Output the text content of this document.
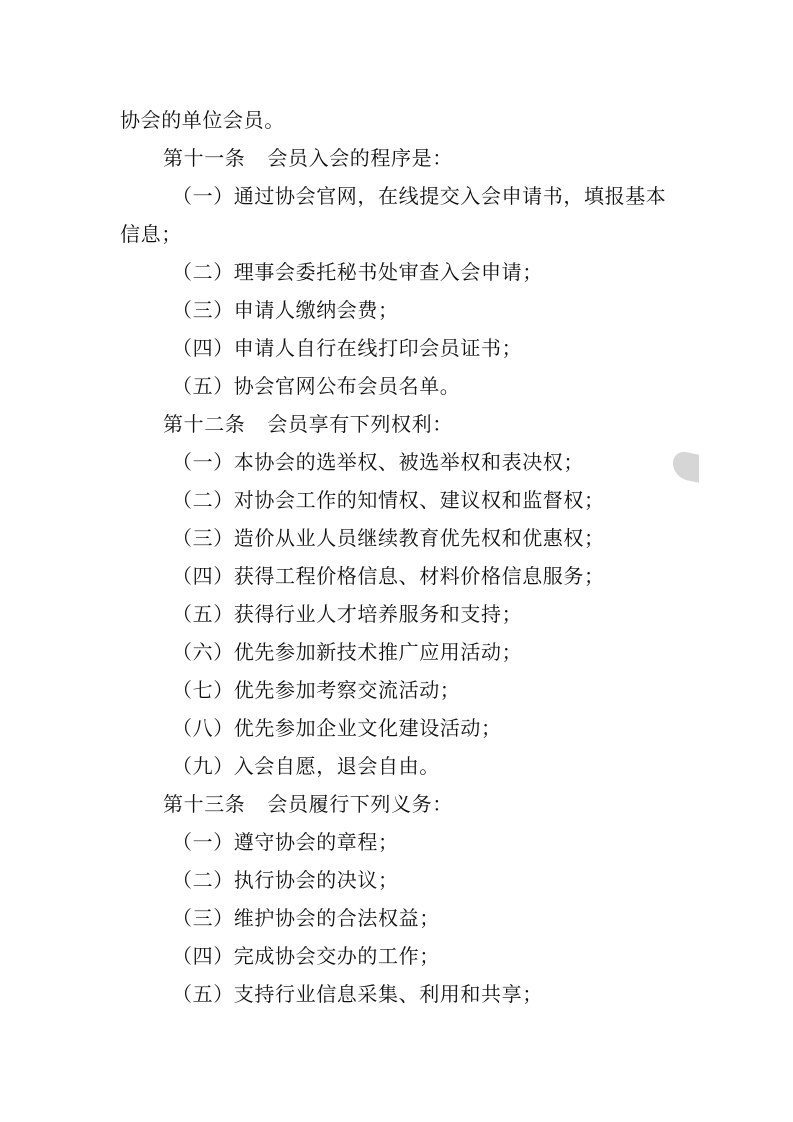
协会的单位会员。
第十一条 会员入会的程序是：
（一）通过协会官网，在线提交入会申请书，填报基本
信息；
（二）理事会委托秘书处审查入会申请；
（三）申请人缴纳会费；
（四）申请人自行在线打印会员证书；
（五）协会官网公布会员名单。
第十二条 会员享有下列权利：
（一）本协会的选举权、被选举权和表决权；
（二）对协会工作的知情权、建议权和监督权；
（三）造价从业人员继续教育优先权和优惠权；
（四）获得工程价格信息、材料价格信息服务；
（五）获得行业人才培养服务和支持；
（六）优先参加新技术推广应用活动；
（七）优先参加考察交流活动；
（八）优先参加企业文化建设活动；
（九）入会自愿，退会自由。
第十三条 会员履行下列义务：
（一）遵守协会的章程；
（二）执行协会的决议；
（三）维护协会的合法权益；
（四）完成协会交办的工作；
（五）支持行业信息采集、利用和共享；
